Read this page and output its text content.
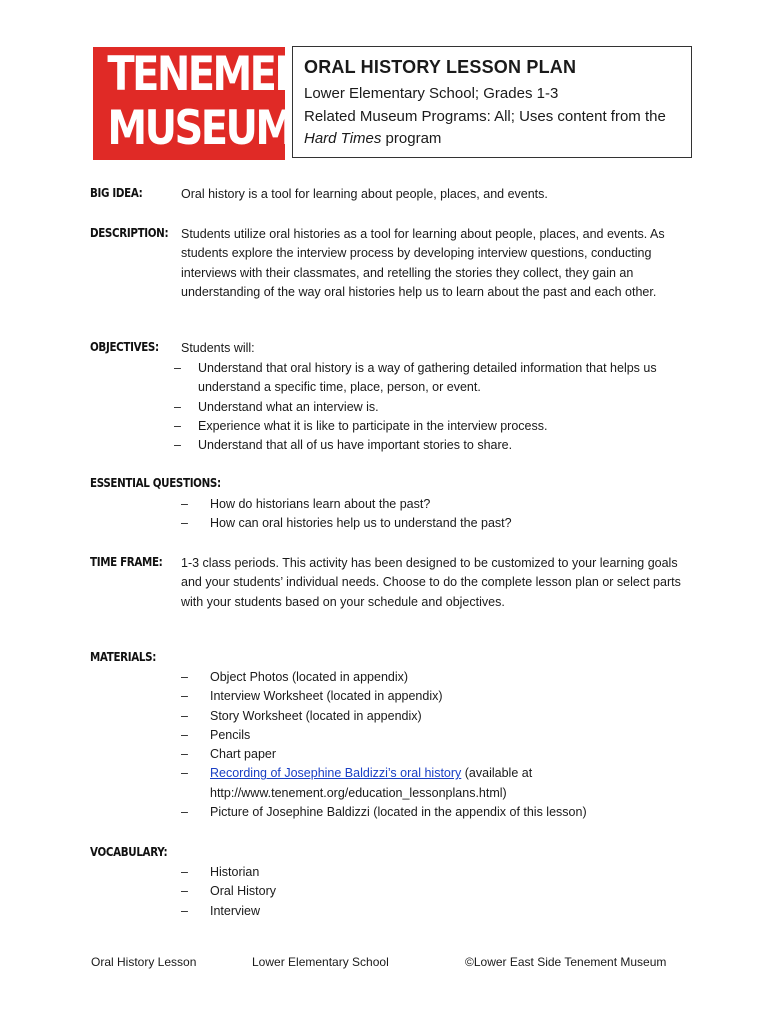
TENEMENT
MUSEUM
ORAL HISTORY LESSON PLAN
Lower Elementary School; Grades 1-3
Related Museum Programs: All; Uses content from the Hard Times program
BIG IDEA:	Oral history is a tool for learning about people, places, and events.
DESCRIPTION: Students utilize oral histories as a tool for learning about people, places, and events. As students explore the interview process by developing interview questions, conducting interviews with their classmates, and retelling the stories they collect, they gain an understanding of the way oral histories help us to learn about the past and each other.
OBJECTIVES:	Students will:
– Understand that oral history is a way of gathering detailed information that helps us understand a specific time, place, person, or event.
– Understand what an interview is.
– Experience what it is like to participate in the interview process.
– Understand that all of us have important stories to share.
ESSENTIAL QUESTIONS:
– How do historians learn about the past?
– How can oral histories help us to understand the past?
TIME FRAME:	1-3 class periods. This activity has been designed to be customized to your learning goals and your students’ individual needs. Choose to do the complete lesson plan or select parts with your students based on your schedule and objectives.
MATERIALS:
– Object Photos (located in appendix)
– Interview Worksheet (located in appendix)
– Story Worksheet (located in appendix)
– Pencils
– Chart paper
– Recording of Josephine Baldizzi’s oral history (available at http://www.tenement.org/education_lessonplans.html)
– Picture of Josephine Baldizzi (located in the appendix of this lesson)
VOCABULARY:
– Historian
– Oral History
– Interview
Oral History Lesson	Lower Elementary School	©Lower East Side Tenement Museum
